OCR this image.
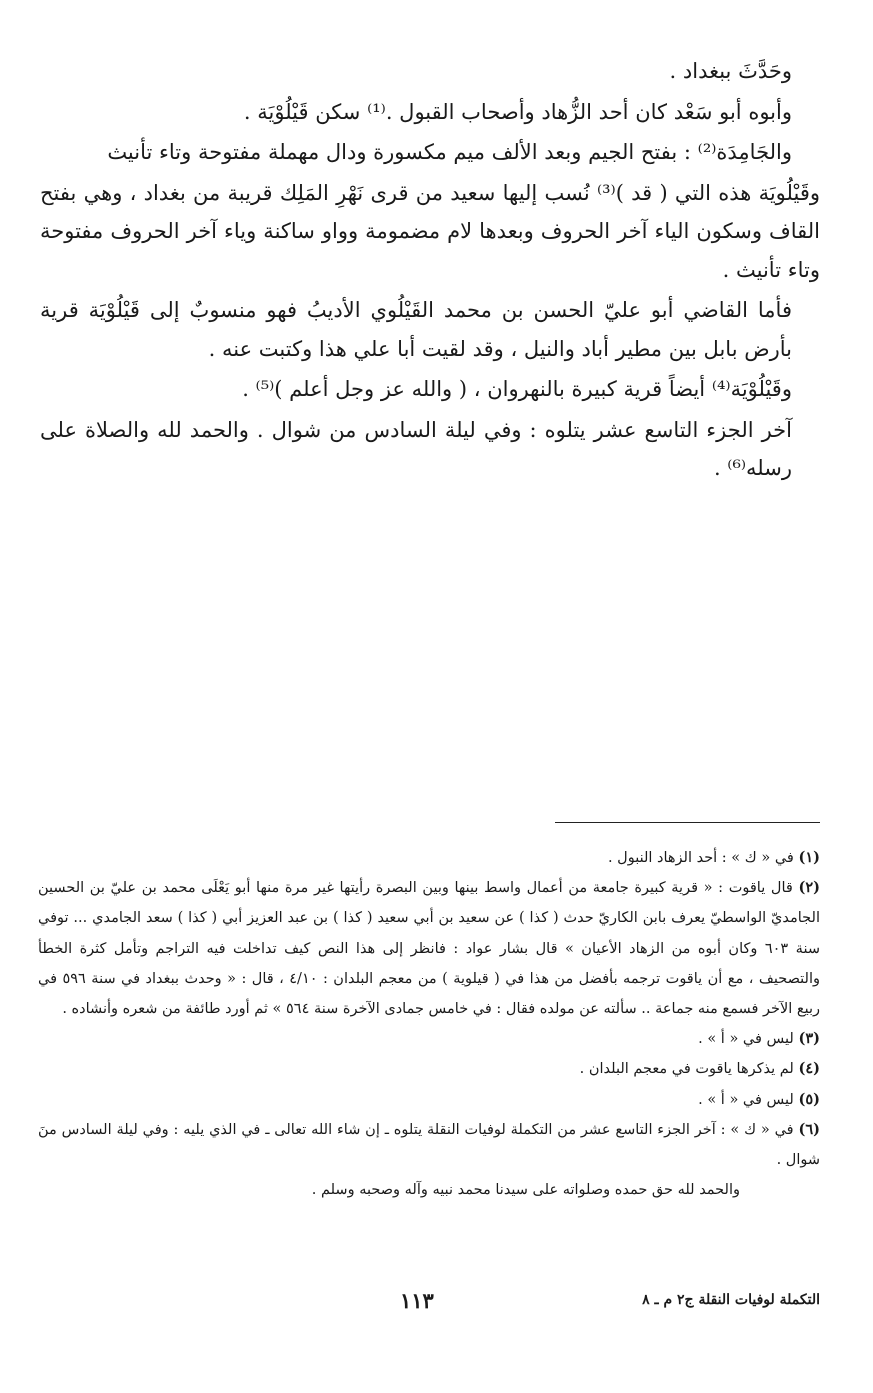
وحَدَّثَ ببغداد .

وأبوه أبو سَعْد كان أحد الزُّهاد وأصحاب القبول .⁽¹⁾ سكن قَيْلُوْيَة .

والجَامِدَة⁽²⁾ : بفتح الجيم وبعد الألف ميم مكسورة ودال مهملة مفتوحة وتاء تأنيث

وقَيْلُويَة هذه التي ( قد )⁽³⁾ نُسب إليها سعيد من قرى نَهْرِ المَلِك قريبة من بغداد ، وهي بفتح القاف وسكون الياء آخر الحروف وبعدها لام مضمومة وواو ساكنة وياء آخر الحروف مفتوحة وتاء تأنيث .

فأما القاضي أبو عليّ الحسن بن محمد القَيْلُوي الأديبُ فهو منسوبٌ إلى قَيْلُوْيَة قرية بأرض بابل بين مطير أباد والنيل ، وقد لقيت أبا علي هذا وكتبت عنه .

وقَيْلُوْيَة⁽⁴⁾ أيضاً قرية كبيرة بالنهروان ، ( والله عز وجل أعلم )⁽⁵⁾ .

آخر الجزء التاسع عشر يتلوه : وفي ليلة السادس من شوال . والحمد لله والصلاة على رسله⁽⁶⁾ .

(١) في « ك » : أحد الزهاد النبول .

(٢) قال ياقوت : « قرية كبيرة جامعة من أعمال واسط بينها وبين البصرة رأيتها غير مرة منها أبو يَعْلَى محمد بن عليّ بن الحسين الجامديّ الواسطيّ يعرف بابن الكاريّ حدث ( كذا ) عن سعيد بن أبي سعيد ( كذا ) بن عبد العزيز أبي ( كذا ) سعد الجامدي ... توفي سنة ٦٠٣ وكان أبوه من الزهاد الأعيان » قال بشار عواد : فانظر إلى هذا النص كيف تداخلت فيه التراجم وتأمل كثرة الخطأ والتصحيف ، مع أن ياقوت ترجمه بأفضل من هذا في ( قيلوية ) من معجم البلدان : ٤/١٠ ، قال : « وحدث ببغداد في سنة ٥٩٦ في ربيع الآخر فسمع منه جماعة .. سألته عن مولده فقال : في خامس جمادى الآخرة سنة ٥٦٤ » ثم أورد طائفة من شعره وأنشاده .

(٣) ليس في « أ » .

(٤) لم يذكرها ياقوت في معجم البلدان .

(٥) ليس في « أ » .

(٦) في « ك » : آخر الجزء التاسع عشر من التكملة لوفيات النقلة يتلوه ـ إن شاء الله تعالى ـ في الذي يليه : وفي ليلة السادس منَ شوال .

والحمد لله حق حمده وصلواته على سيدنا محمد نبيه وآله وصحبه وسلم .

التكملة لوفيات النقلة ج٢ م ـ ٨
١١٣
